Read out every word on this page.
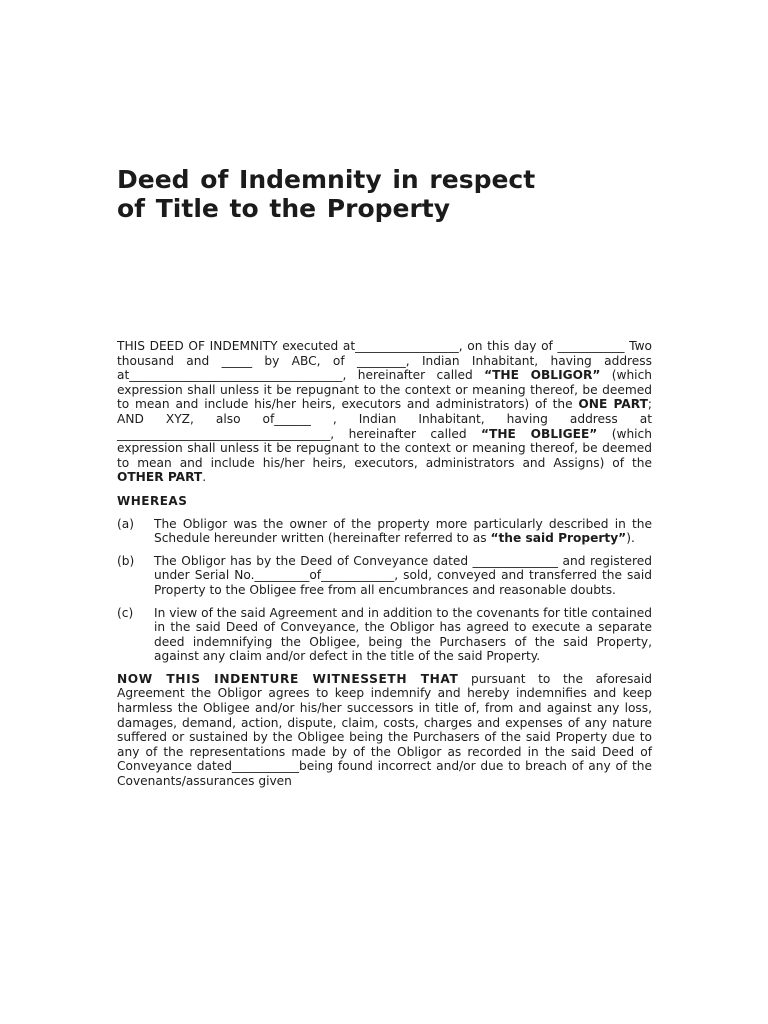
Deed of Indemnity in respect of Title to the Property

THIS DEED OF INDEMNITY executed at_________________, on this day of ___________ Two thousand and _____ by ABC, of ________, Indian Inhabitant, having address at___________________________________, hereinafter called “THE OBLIGOR” (which expression shall unless it be repugnant to the context or meaning thereof, be deemed to mean and include his/her heirs, executors and administrators) of the ONE PART; AND XYZ, also of______ , Indian Inhabitant, having address at ___________________________________, hereinafter called “THE OBLIGEE” (which expression shall unless it be repugnant to the context or meaning thereof, be deemed to mean and include his/her heirs, executors, administrators and Assigns) of the OTHER PART.

WHEREAS

(a)	The Obligor was the owner of the property more particularly described in the Schedule hereunder written (hereinafter referred to as “the said Property”).
(b)	The Obligor has by the Deed of Conveyance dated ______________ and registered under Serial No._________of____________, sold, conveyed and transferred the said Property to the Obligee free from all encumbrances and reasonable doubts.
(c)	In view of the said Agreement and in addition to the covenants for title contained in the said Deed of Conveyance, the Obligor has agreed to execute a separate deed indemnifying the Obligee, being the Purchasers of the said Property, against any claim and/or defect in the title of the said Property.

NOW THIS INDENTURE WITNESSETH THAT pursuant to the aforesaid Agreement the Obligor agrees to keep indemnify and hereby indemnifies and keep harmless the Obligee and/or his/her successors in title of, from and against any loss, damages, demand, action, dispute, claim, costs, charges and expenses of any nature suffered or sustained by the Obligee being the Purchasers of the said Property due to any of the representations made by of the Obligor as recorded in the said Deed of Conveyance dated___________being found incorrect and/or due to breach of any of the Covenants/assurances given
